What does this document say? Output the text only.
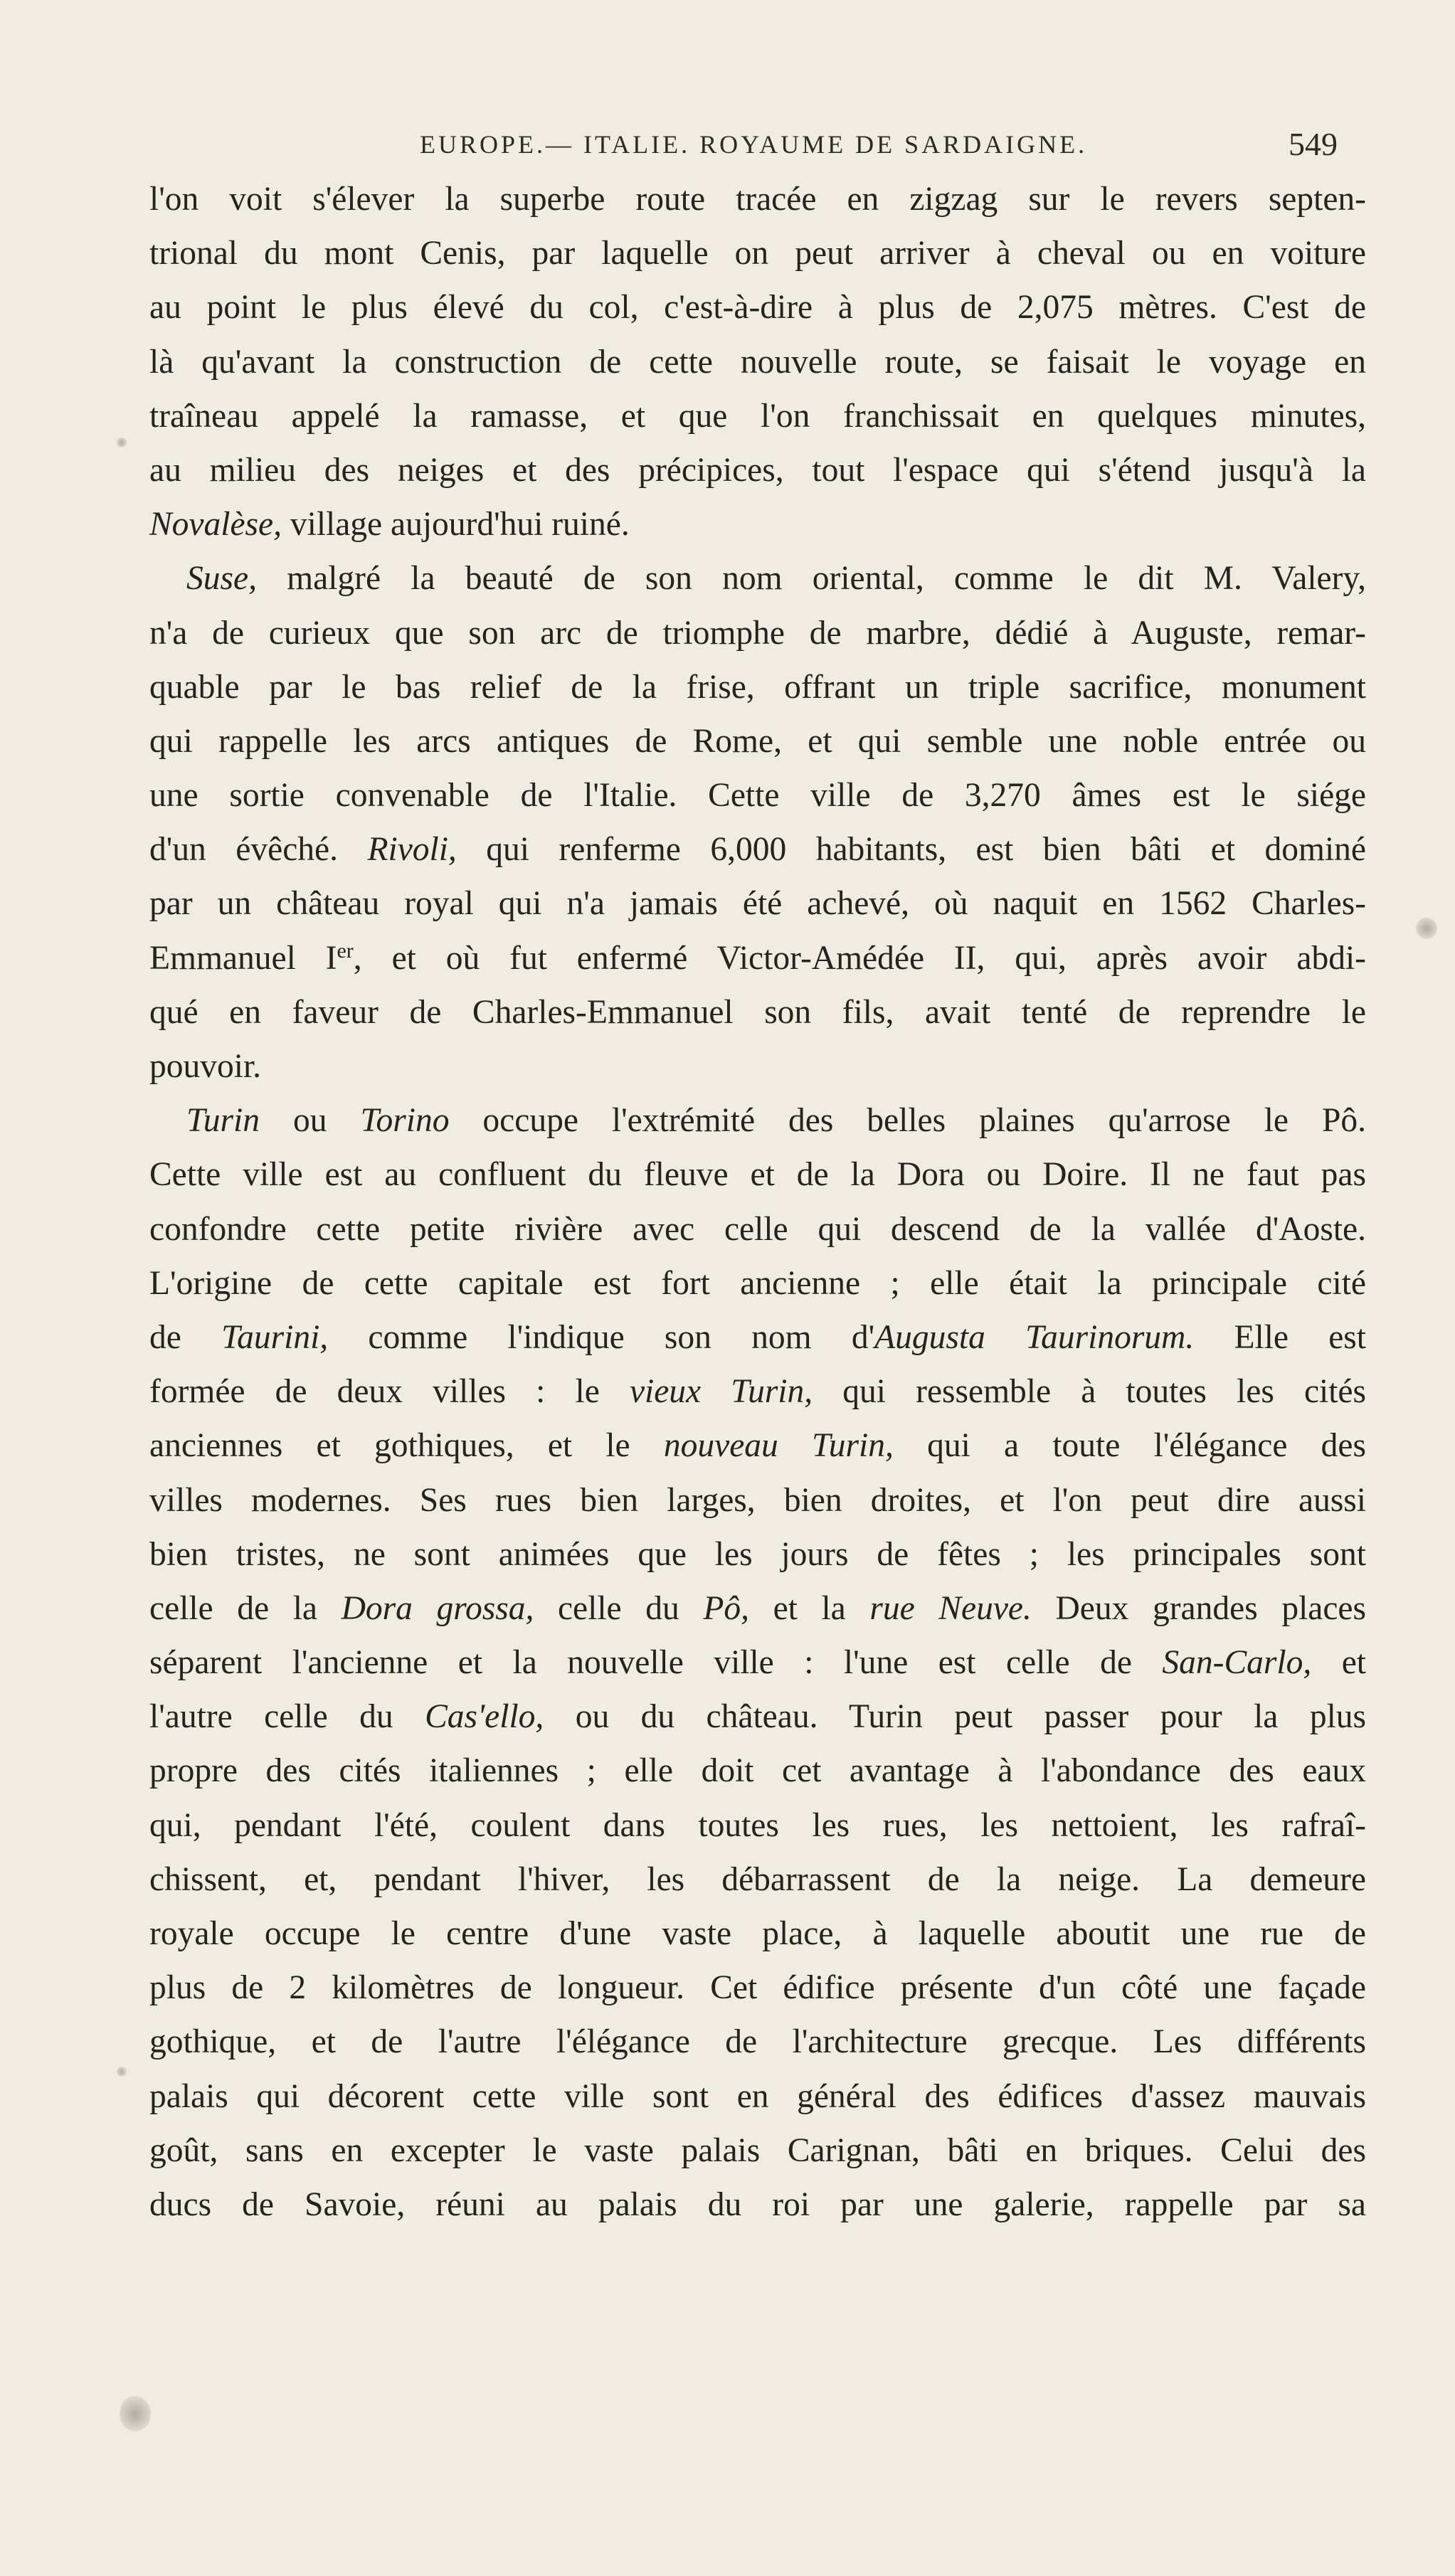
EUROPE.— ITALIE. ROYAUME DE SARDAIGNE.	549
l'on voit s'élever la superbe route tracée en zigzag sur le revers septen-
trional du mont Cenis, par laquelle on peut arriver à cheval ou en voiture
au point le plus élevé du col, c'est-à-dire à plus de 2,075 mètres. C'est de
là qu'avant la construction de cette nouvelle route, se faisait le voyage en
traîneau appelé la ramasse, et que l'on franchissait en quelques minutes,
au milieu des neiges et des précipices, tout l'espace qui s'étend jusqu'à la
Novalèse, village aujourd'hui ruiné.
Suse, malgré la beauté de son nom oriental, comme le dit M. Valery,
n'a de curieux que son arc de triomphe de marbre, dédié à Auguste, remar-
quable par le bas relief de la frise, offrant un triple sacrifice, monument
qui rappelle les arcs antiques de Rome, et qui semble une noble entrée ou
une sortie convenable de l'Italie. Cette ville de 3,270 âmes est le siége
d'un évêché. Rivoli, qui renferme 6,000 habitants, est bien bâti et dominé
par un château royal qui n'a jamais été achevé, où naquit en 1562 Charles-
Emmanuel Ier, et où fut enfermé Victor-Amédée II, qui, après avoir abdi-
qué en faveur de Charles-Emmanuel son fils, avait tenté de reprendre le
pouvoir.
Turin ou Torino occupe l'extrémité des belles plaines qu'arrose le Pô.
Cette ville est au confluent du fleuve et de la Dora ou Doire. Il ne faut pas
confondre cette petite rivière avec celle qui descend de la vallée d'Aoste.
L'origine de cette capitale est fort ancienne ; elle était la principale cité
de Taurini, comme l'indique son nom d'Augusta Taurinorum. Elle est
formée de deux villes : le vieux Turin, qui ressemble à toutes les cités
anciennes et gothiques, et le nouveau Turin, qui a toute l'élégance des
villes modernes. Ses rues bien larges, bien droites, et l'on peut dire aussi
bien tristes, ne sont animées que les jours de fêtes ; les principales sont
celle de la Dora grossa, celle du Pô, et la rue Neuve. Deux grandes places
séparent l'ancienne et la nouvelle ville : l'une est celle de San-Carlo, et
l'autre celle du Cas'ello, ou du château. Turin peut passer pour la plus
propre des cités italiennes ; elle doit cet avantage à l'abondance des eaux
qui, pendant l'été, coulent dans toutes les rues, les nettoient, les rafraî-
chissent, et, pendant l'hiver, les débarrassent de la neige. La demeure
royale occupe le centre d'une vaste place, à laquelle aboutit une rue de
plus de 2 kilomètres de longueur. Cet édifice présente d'un côté une façade
gothique, et de l'autre l'élégance de l'architecture grecque. Les différents
palais qui décorent cette ville sont en général des édifices d'assez mauvais
goût, sans en excepter le vaste palais Carignan, bâti en briques. Celui des
ducs de Savoie, réuni au palais du roi par une galerie, rappelle par sa
